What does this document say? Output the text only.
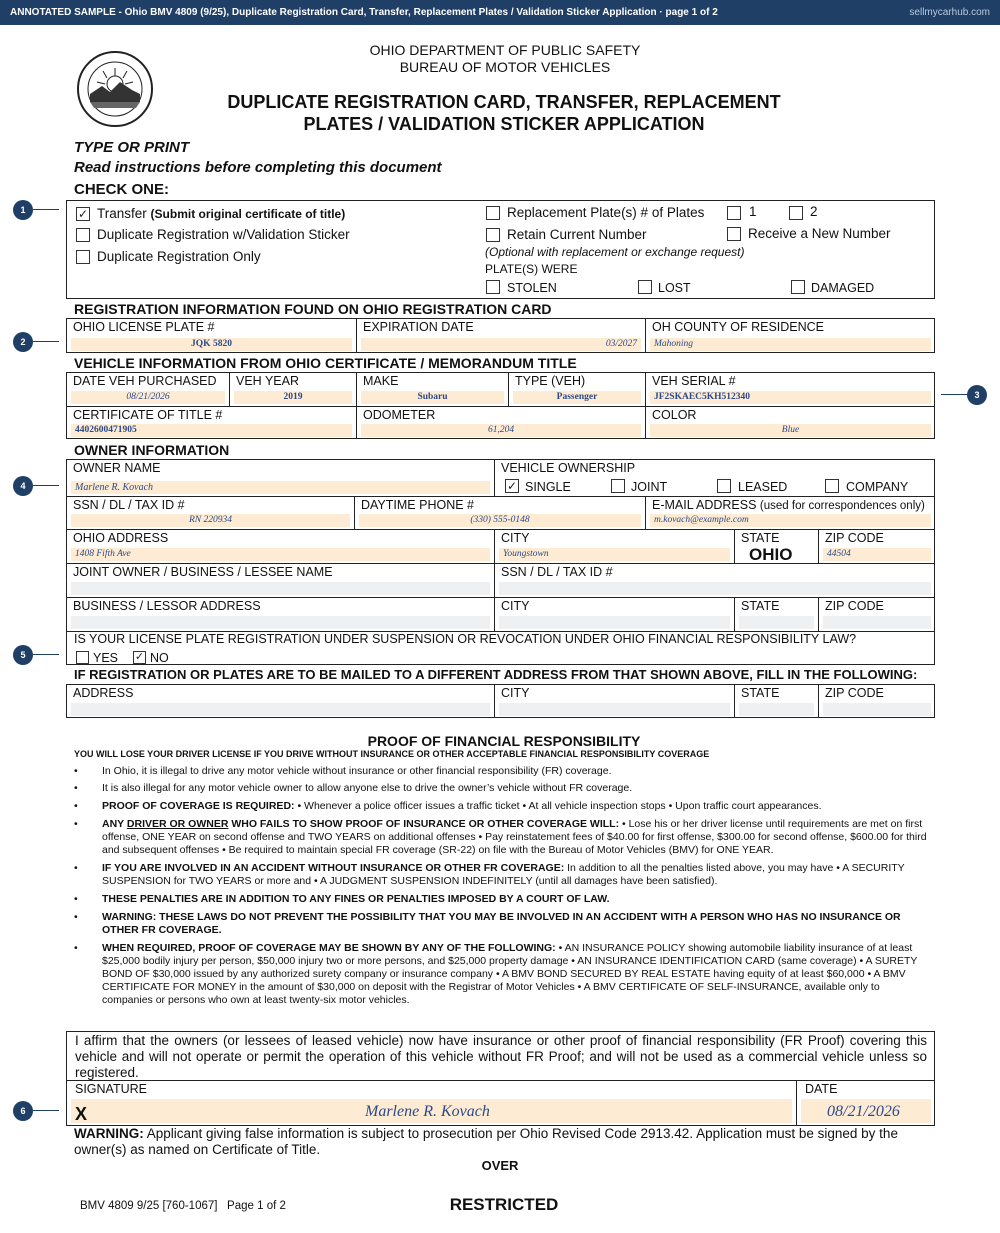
ANNOTATED SAMPLE - Ohio BMV 4809 (9/25), Duplicate Registration Card, Transfer, Replacement Plates / Validation Sticker Application · page 1 of 2	sellmycarhub.com
OHIO DEPARTMENT OF PUBLIC SAFETY
BUREAU OF MOTOR VEHICLES
DUPLICATE REGISTRATION CARD, TRANSFER, REPLACEMENT
PLATES / VALIDATION STICKER APPLICATION
TYPE OR PRINT
Read instructions before completing this document
CHECK ONE:
1
2
3
4
5
6
✓ Transfer (Submit original certificate of title)
Duplicate Registration w/Validation Sticker
Duplicate Registration Only
Replacement Plate(s) # of Plates	1	2
Retain Current Number	Receive a New Number
(Optional with replacement or exchange request)
PLATE(S) WERE
STOLEN	LOST	DAMAGED
REGISTRATION INFORMATION FOUND ON OHIO REGISTRATION CARD
OHIO LICENSE PLATE #
JQK 5820
EXPIRATION DATE
03/2027
OH COUNTY OF RESIDENCE
Mahoning
VEHICLE INFORMATION FROM OHIO CERTIFICATE / MEMORANDUM TITLE
DATE VEH PURCHASED
08/21/2026
VEH YEAR
2019
MAKE
Subaru
TYPE (VEH)
Passenger
VEH SERIAL #
JF2SKAEC5KH512340
CERTIFICATE OF TITLE #
4402600471905
ODOMETER
61,204
COLOR
Blue
OWNER INFORMATION
OWNER NAME
Marlene R. Kovach
VEHICLE OWNERSHIP
✓ SINGLE	JOINT	LEASED	COMPANY
SSN / DL / TAX ID #
RN 220934
DAYTIME PHONE #
(330) 555-0148
E-MAIL ADDRESS (used for correspondences only)
m.kovach@example.com
OHIO ADDRESS
1408 Fifth Ave
CITY
Youngstown
STATE
OHIO
ZIP CODE
44504
JOINT OWNER / BUSINESS / LESSEE NAME	SSN / DL / TAX ID #
BUSINESS / LESSOR ADDRESS	CITY	STATE	ZIP CODE
IS YOUR LICENSE PLATE REGISTRATION UNDER SUSPENSION OR REVOCATION UNDER OHIO FINANCIAL RESPONSIBILITY LAW?
YES ✓ NO
IF REGISTRATION OR PLATES ARE TO BE MAILED TO A DIFFERENT ADDRESS FROM THAT SHOWN ABOVE, FILL IN THE FOLLOWING:
ADDRESS	CITY	STATE	ZIP CODE
PROOF OF FINANCIAL RESPONSIBILITY
YOU WILL LOSE YOUR DRIVER LICENSE IF YOU DRIVE WITHOUT INSURANCE OR OTHER ACCEPTABLE FINANCIAL RESPONSIBILITY COVERAGE
• In Ohio, it is illegal to drive any motor vehicle without insurance or other financial responsibility (FR) coverage.
• It is also illegal for any motor vehicle owner to allow anyone else to drive the owner’s vehicle without FR coverage.
• PROOF OF COVERAGE IS REQUIRED: • Whenever a police officer issues a traffic ticket • At all vehicle inspection stops • Upon traffic court appearances.
• ANY DRIVER OR OWNER WHO FAILS TO SHOW PROOF OF INSURANCE OR OTHER COVERAGE WILL: • Lose his or her driver license until requirements are met on first offense, ONE YEAR on second offense and TWO YEARS on additional offenses • Pay reinstatement fees of $40.00 for first offense, $300.00 for second offense, $600.00 for third and subsequent offenses • Be required to maintain special FR coverage (SR-22) on file with the Bureau of Motor Vehicles (BMV) for ONE YEAR.
• IF YOU ARE INVOLVED IN AN ACCIDENT WITHOUT INSURANCE OR OTHER FR COVERAGE: In addition to all the penalties listed above, you may have • A SECURITY SUSPENSION for TWO YEARS or more and • A JUDGMENT SUSPENSION INDEFINITELY (until all damages have been satisfied).
• THESE PENALTIES ARE IN ADDITION TO ANY FINES OR PENALTIES IMPOSED BY A COURT OF LAW.
• WARNING: THESE LAWS DO NOT PREVENT THE POSSIBILITY THAT YOU MAY BE INVOLVED IN AN ACCIDENT WITH A PERSON WHO HAS NO INSURANCE OR OTHER FR COVERAGE.
• WHEN REQUIRED, PROOF OF COVERAGE MAY BE SHOWN BY ANY OF THE FOLLOWING: • AN INSURANCE POLICY showing automobile liability insurance of at least $25,000 bodily injury per person, $50,000 injury two or more persons, and $25,000 property damage • AN INSURANCE IDENTIFICATION CARD (same coverage) • A SURETY BOND OF $30,000 issued by any authorized surety company or insurance company • A BMV BOND SECURED BY REAL ESTATE having equity of at least $60,000 • A BMV CERTIFICATE FOR MONEY in the amount of $30,000 on deposit with the Registrar of Motor Vehicles • A BMV CERTIFICATE OF SELF-INSURANCE, available only to companies or persons who own at least twenty-six motor vehicles.
I affirm that the owners (or lessees of leased vehicle) now have insurance or other proof of financial responsibility (FR Proof) covering this vehicle and will not operate or permit the operation of this vehicle without FR Proof; and will not be used as a commercial vehicle unless so registered.
SIGNATURE
X	Marlene R. Kovach
DATE
08/21/2026
WARNING: Applicant giving false information is subject to prosecution per Ohio Revised Code 2913.42. Application must be signed by the owner(s) as named on Certificate of Title.
OVER
BMV 4809 9/25 [760-1067]   Page 1 of 2	RESTRICTED
